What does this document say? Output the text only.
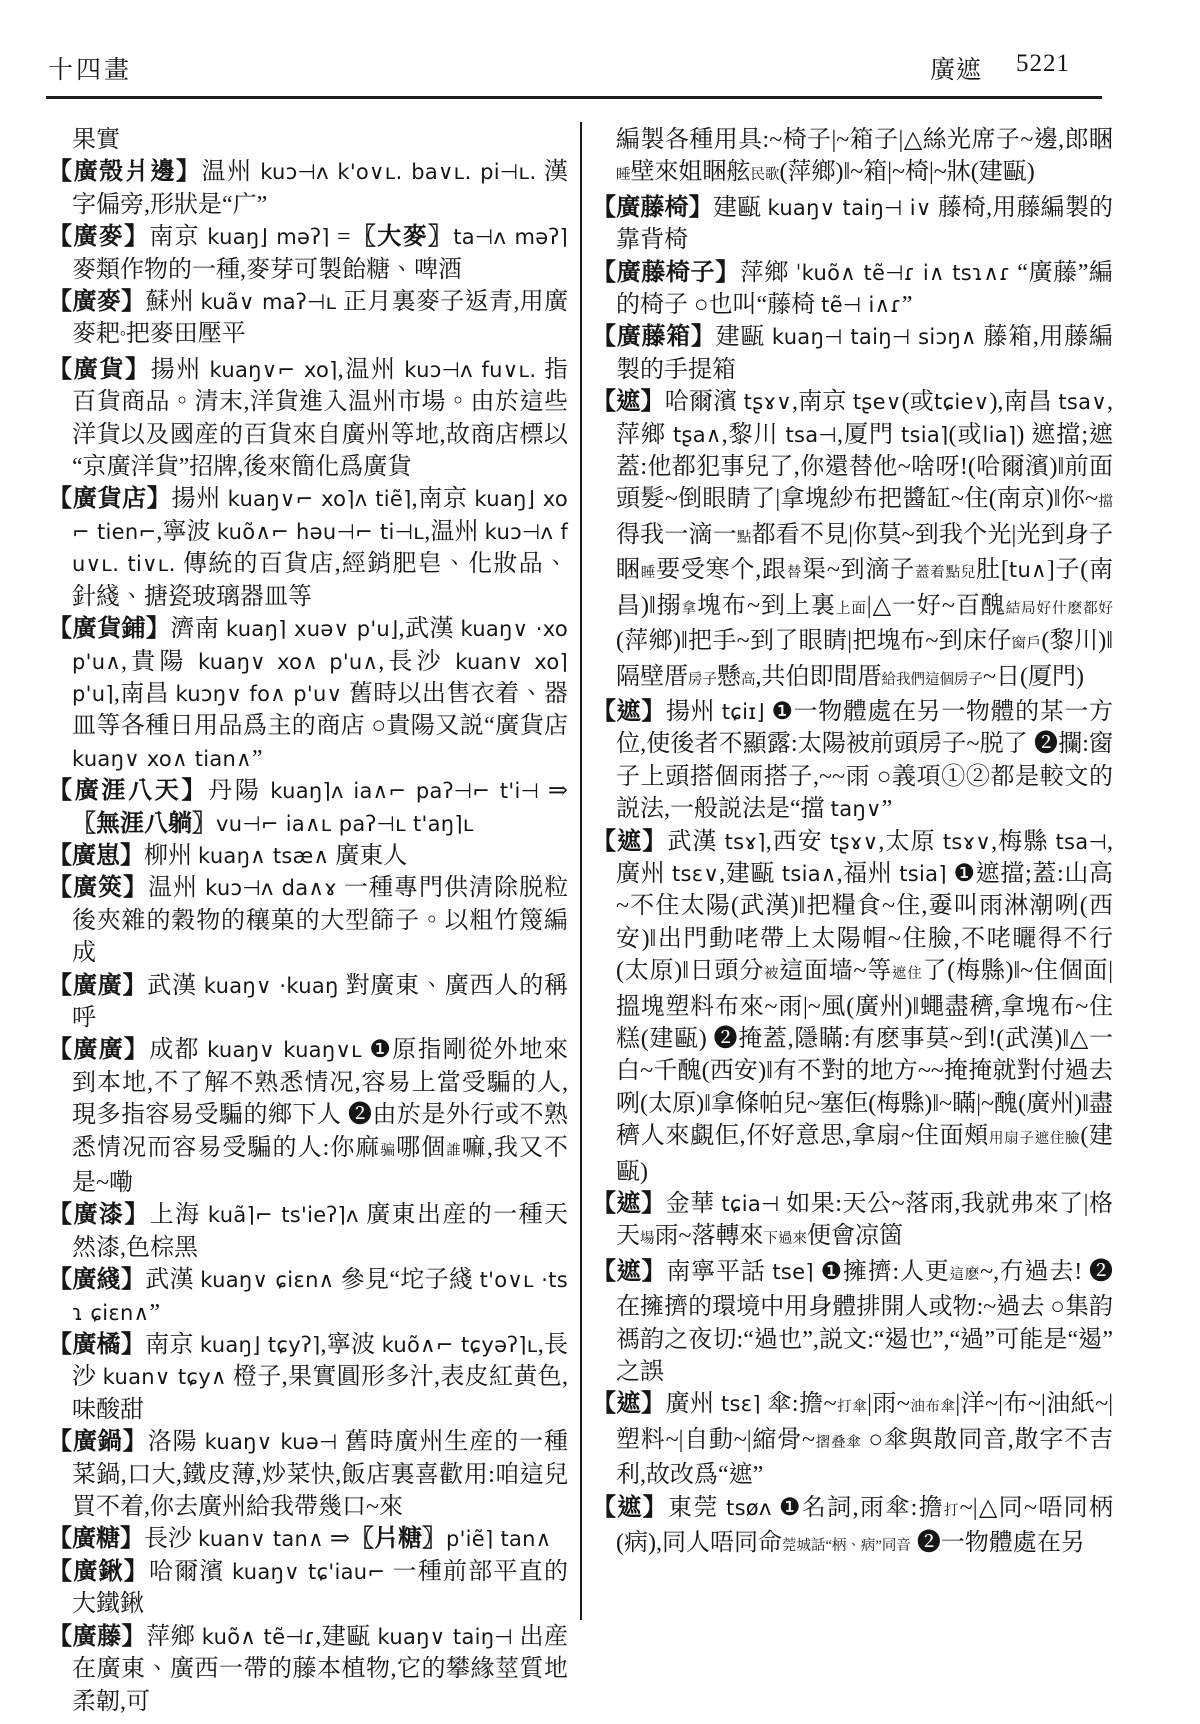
十四畫	廣遮 5221
果實
【廣殼爿邊】温州 kuɔ⊣ʌ k'o∨ʟ. ba∨ʟ. pi⊣ʟ. 漢字偏旁,形狀是“广”
【廣麥】南京 kuaŋ⌋ məʔ⌉ =〖大麥〗ta⊣ʌ məʔ⌉ 麥類作物的一種,麥芽可製飴糖、啤酒
【廣麥】蘇州 kuã∨ maʔ⊣ʟ 正月裏麥子返青,用廣麥耙°把麥田壓平
【廣貨】揚州 kuaŋ∨⌐ xo⌉,温州 kuɔ⊣ʌ fu∨ʟ. 指百貨商品。清末,洋貨進入温州市場。由於這些洋貨以及國産的百貨來自廣州等地,故商店標以“京廣洋貨”招牌,後來簡化爲廣貨
【廣貨店】揚州 kuaŋ∨⌐ xo⌉ʌ tiẽ⌉,南京 kuaŋ⌋ xo⌐ tien⌐,寧波 kuõ∧⌐ həu⊣⌐ ti⊣ʟ,温州 kuɔ⊣ʌ fu∨ʟ. ti∨ʟ. 傳統的百貨店,經銷肥皂、化妝品、針綫、搪瓷玻璃器皿等
【廣貨鋪】濟南 kuaŋ⌉ xuə∨ p'u⌋,武漢 kuaŋ∨ ·xo p'u∧,貴陽 kuaŋ∨ xo∧ p'u∧,長沙 kuan∨ xo⌉ p'u⌉,南昌 kuɔŋ∨ fo∧ p'u∨ 舊時以出售衣着、器皿等各種日用品爲主的商店 ○貴陽又説“廣貨店 kuaŋ∨ xo∧ tian∧”
【廣涯八天】丹陽 kuaŋ⌉ʌ ia∧⌐ paʔ⊣⌐ t'i⊣ ⇒〖無涯八躺〗vu⊣⌐ ia∧ʟ paʔ⊣ʟ t'aŋ⌉ʟ
【廣崽】柳州 kuaŋ∧ tsæ∧ 廣東人
【廣筴】温州 kuɔ⊣ʌ da∧ɤ 一種專門供清除脱粒後夾雜的穀物的穰菓的大型篩子。以粗竹篾編成
【廣廣】武漢 kuaŋ∨ ·kuaŋ 對廣東、廣西人的稱呼
【廣廣】成都 kuaŋ∨ kuaŋ∨ʟ ❶原指剛從外地來到本地,不了解不熟悉情况,容易上當受騙的人,現多指容易受騙的鄉下人 ❷由於是外行或不熟悉情况而容易受騙的人:你麻骗哪個誰嘛,我又不是~嘞
【廣漆】上海 kuã⌉⌐ ts'ieʔ⌉ʌ 廣東出産的一種天然漆,色棕黑
【廣綫】武漢 kuaŋ∨ ɕiɛn∧ 參見“坨子綫 t'o∨ʟ ·tsɿ ɕiɛn∧”
【廣橘】南京 kuaŋ⌋ tɕyʔ⌉,寧波 kuõ∧⌐ tɕyəʔ⌉ʟ,長沙 kuan∨ tɕy∧ 橙子,果實圓形多汁,表皮紅黄色,味酸甜
【廣鍋】洛陽 kuaŋ∨ kuə⊣ 舊時廣州生産的一種菜鍋,口大,鐵皮薄,炒菜快,飯店裏喜歡用:咱這兒買不着,你去廣州給我帶幾口~來
【廣糖】長沙 kuan∨ tan∧ ⇒〖片糖〗p'iẽ⌉ tan∧
【廣鍬】哈爾濱 kuaŋ∨ tɕ'iau⌐ 一種前部平直的大鐵鍬
【廣藤】萍鄉 kuõ∧ tẽ⊣ɾ,建甌 kuaŋ∨ taiŋ⊣ 出産在廣東、廣西一帶的藤本植物,它的攀緣莖質地柔韌,可
編製各種用具:~椅子|~箱子|△絲光席子~邊,郎睏睡壁來姐睏舷民歌(萍鄉)‖~箱|~椅|~牀(建甌)
【廣藤椅】建甌 kuaŋ∨ taiŋ⊣ i∨ 藤椅,用藤編製的靠背椅
【廣藤椅子】萍鄉 ˈkuõ∧ tẽ⊣ɾ i∧ tsɿ∧ɾ “廣藤”編的椅子 ○也叫“藤椅 tẽ⊣ i∧ɾ”
【廣藤箱】建甌 kuaŋ⊣ taiŋ⊣ siɔŋ∧ 藤箱,用藤編製的手提箱
【遮】哈爾濱 tʂɤ∨,南京 tʂe∨(或tɕie∨),南昌 tsa∨,萍鄉 tʂa∧,黎川 tsa⊣,厦門 tsia⌉(或lia⌉) 遮擋;遮蓋:他都犯事兒了,你還替他~啥呀!(哈爾濱)‖前面頭髮~倒眼睛了|拿塊紗布把醬缸~住(南京)‖你~擋得我一滴一點都看不見|你莫~到我个光|光到身子睏睡要受寒个,跟替渠~到滴子蓋着點兒肚[tu∧]子(南昌)‖搦拿塊布~到上裏上面|△一好~百醜結局好什麽都好(萍鄉)‖把手~到了眼睛|把塊布~到床仔窗户(黎川)‖隔壁厝房子懸高,共伯即間厝給我們這個房子~日(厦門)
【遮】揚州 tɕiɪ⌋ ❶一物體處在另一物體的某一方位,使後者不顯露:太陽被前頭房子~脱了 ❷攔:窗子上頭搭個雨搭子,~~雨 ○義項①②都是較文的説法,一般説法是“擋 taŋ∨”
【遮】武漢 tsɤ⌉,西安 tʂɤ∨,太原 tsɤ∨,梅縣 tsa⊣,廣州 tsɛ∨,建甌 tsia∧,福州 tsia⌉ ❶遮擋;蓋:山高~不住太陽(武漢)‖把糧食~住,嫑叫雨淋潮咧(西安)‖出門動咾帶上太陽帽~住臉,不咾曬得不行(太原)‖日頭分被這面墙~等遮住了(梅縣)‖~住個面|搵塊塑料布來~雨|~風(廣州)‖蠅盡穧,拿塊布~住糕(建甌) ❷掩蓋,隱瞞:有麽事莫~到!(武漢)‖△一白~千醜(西安)‖有不對的地方~~掩掩就對付過去咧(太原)‖拿條帕兒~塞佢(梅縣)‖~瞞|~醜(廣州)‖盡穧人來覷佢,伓好意思,拿扇~住面頰用扇子遮住臉(建甌)
【遮】金華 tɕia⊣ 如果:天公~落雨,我就弗來了|格天場雨~落轉來下過來便會凉箇
【遮】南寧平話 tse⌉ ❶擁擠:人更這麽~,冇過去! ❷在擁擠的環境中用身體排開人或物:~過去 ○集韵禡韵之夜切:“過也”,説文:“遏也”,“過”可能是“遏”之誤
【遮】廣州 tsɛ⌉ 傘:擔~打傘|雨~油布傘|洋~|布~|油紙~|塑料~|自動~|縮骨~摺叠傘 ○傘與散同音,散字不吉利,故改爲“遮”
【遮】東莞 tsøʌ ❶名詞,雨傘:擔打~|△同~唔同柄(病),同人唔同命莞城話“柄、病”同音 ❷一物體處在另
